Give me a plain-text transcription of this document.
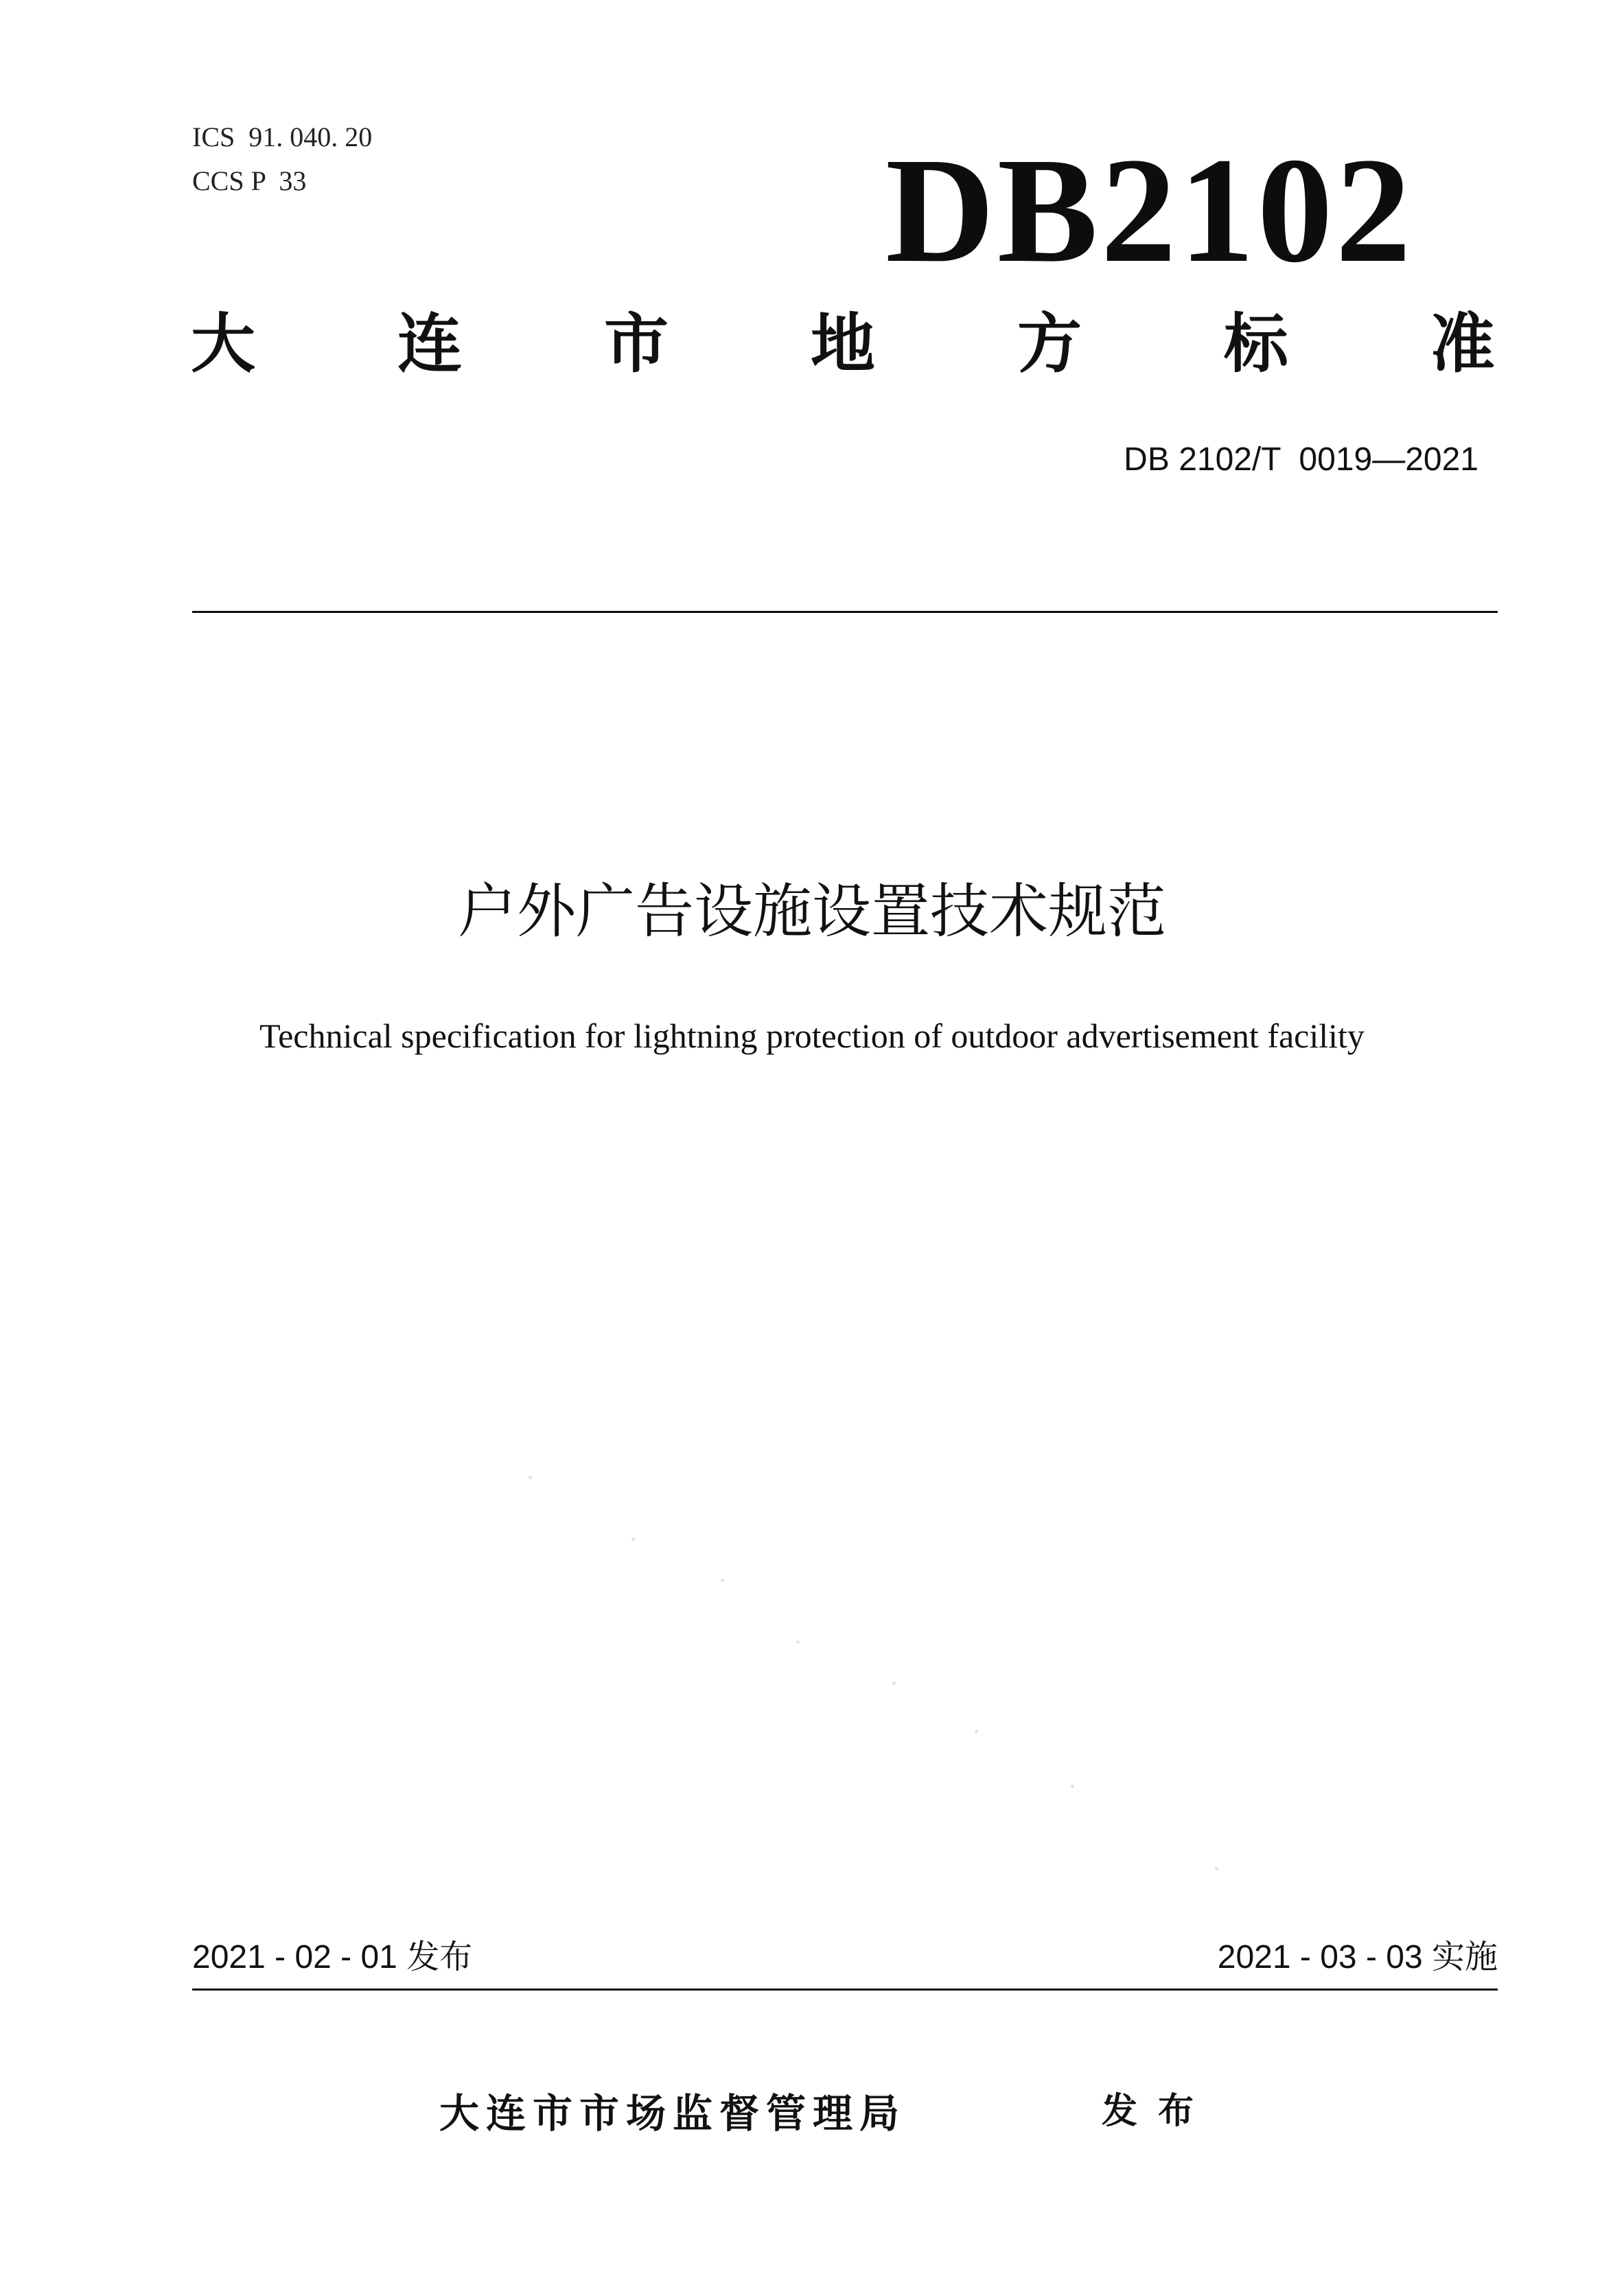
ICS  91. 040. 20
CCS P  33	DB2102
大 连 市 地 方 标 准
DB 2102/T  0019—2021
户外广告设施设置技术规范
Technical specification for lightning protection of outdoor advertisement facility
2021 - 02 - 01 发布	2021 - 03 - 03 实施
大连市市场监督管理局	发布
